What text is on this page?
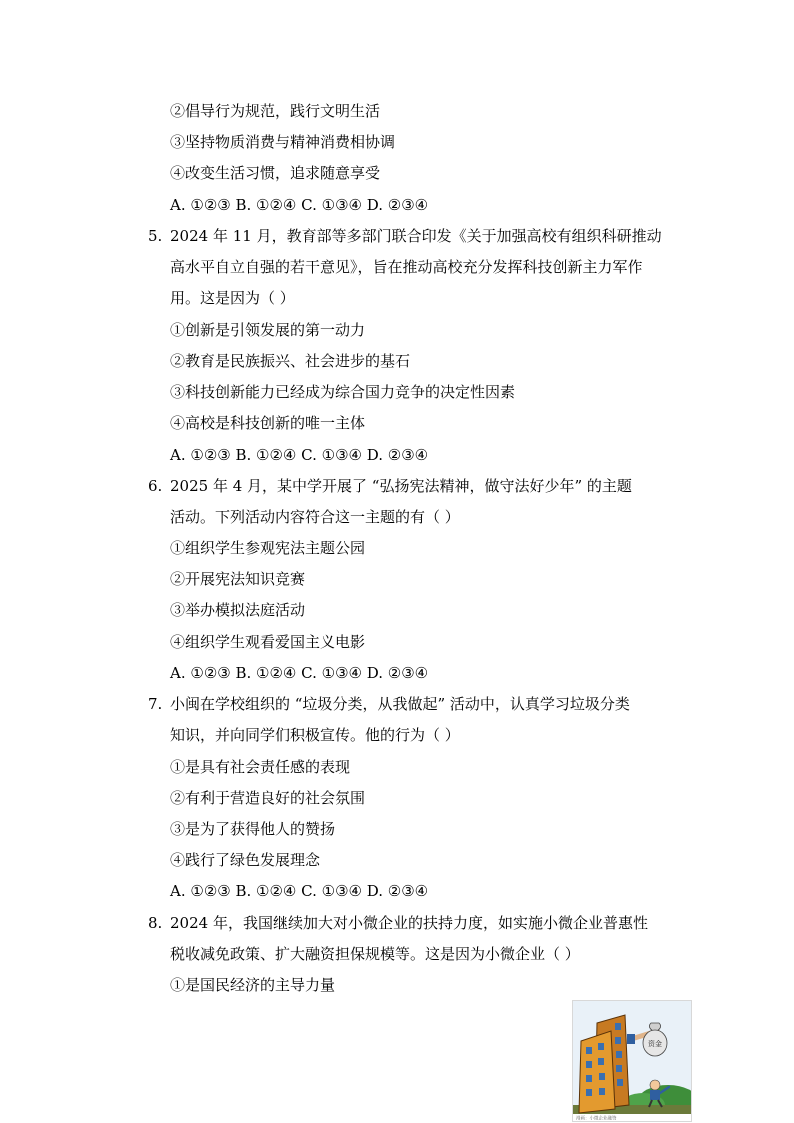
②倡导行为规范，践行文明生活
③坚持物质消费与精神消费相协调
④改变生活习惯，追求随意享受
A. ①②③ B. ①②④ C. ①③④ D. ②③④
5. 2024 年 11 月，教育部等多部门联合印发《关于加强高校有组织科研推动
高水平自立自强的若干意见》，旨在推动高校充分发挥科技创新主力军作
用。这是因为（ ）
①创新是引领发展的第一动力
②教育是民族振兴、社会进步的基石
③科技创新能力已经成为综合国力竞争的决定性因素
④高校是科技创新的唯一主体
A. ①②③ B. ①②④ C. ①③④ D. ②③④
6. 2025 年 4 月，某中学开展了 “弘扬宪法精神，做守法好少年” 的主题
活动。下列活动内容符合这一主题的有（ ）
①组织学生参观宪法主题公园
②开展宪法知识竞赛
③举办模拟法庭活动
④组织学生观看爱国主义电影
A. ①②③ B. ①②④ C. ①③④ D. ②③④
7. 小闽在学校组织的 “垃圾分类，从我做起” 活动中，认真学习垃圾分类
知识，并向同学们积极宣传。他的行为（ ）
①是具有社会责任感的表现
②有利于营造良好的社会氛围
③是为了获得他人的赞扬
④践行了绿色发展理念
A. ①②③ B. ①②④ C. ①③④ D. ②③④
8. 2024 年，我国继续加大对小微企业的扶持力度，如实施小微企业普惠性
税收减免政策、扩大融资担保规模等。这是因为小微企业（ ）
①是国民经济的主导力量
资金
漫画：小微企业融资
